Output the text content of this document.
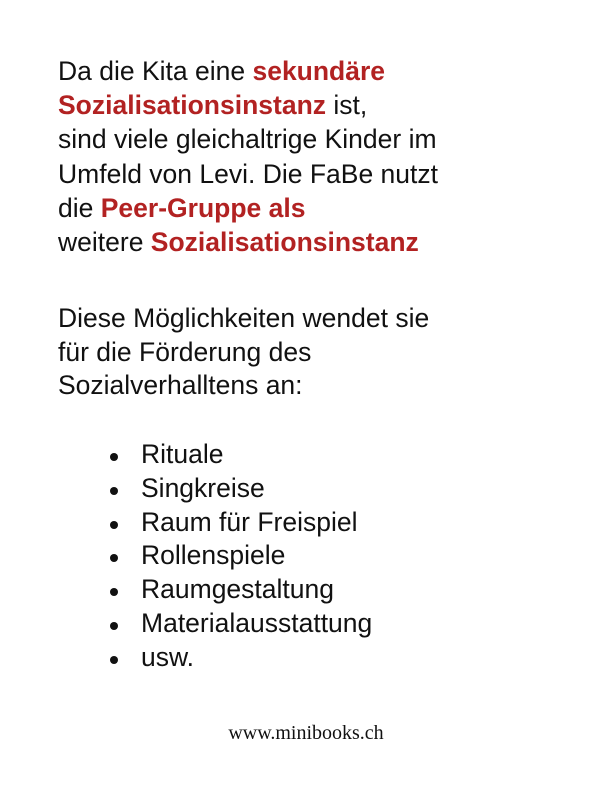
Da die Kita eine sekundäre
Sozialisationsinstanz ist,
sind viele gleichaltrige Kinder im
Umfeld von Levi. Die FaBe nutzt
die Peer-Gruppe als
weitere Sozialisationsinstanz

Diese Möglichkeiten wendet sie
für die Förderung des
Sozialverhalltens an:

Rituale
Singkreise
Raum für Freispiel
Rollenspiele
Raumgestaltung
Materialausstattung
usw.
www.minibooks.ch
